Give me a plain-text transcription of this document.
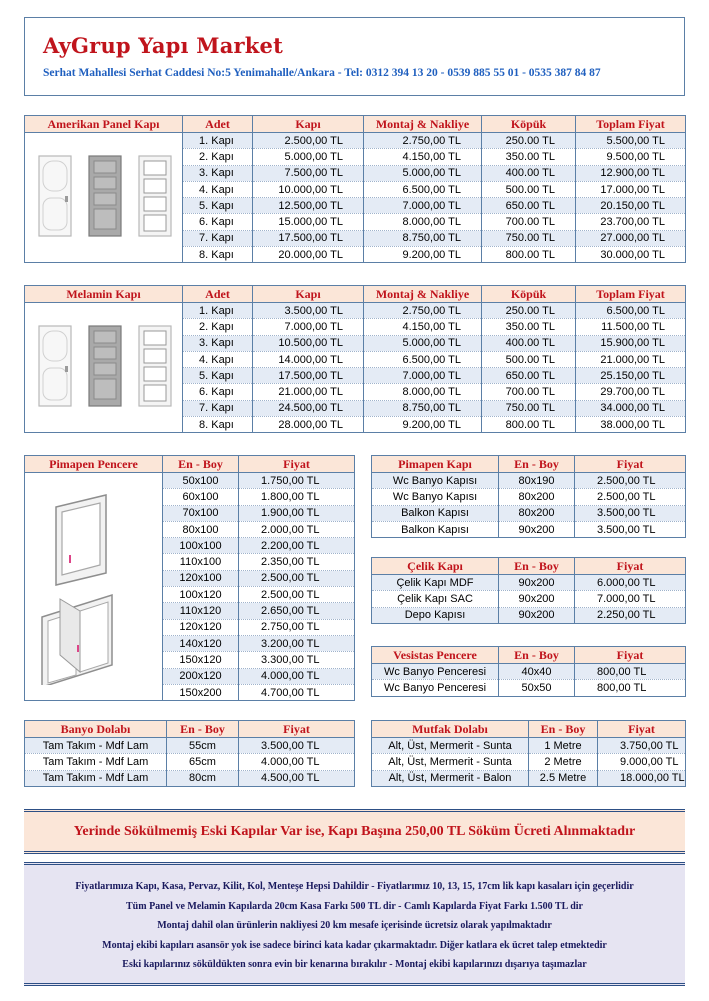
AyGrup Yapı Market
Serhat Mahallesi Serhat Caddesi No:5 Yenimahalle/Ankara - Tel: 0312 394 13 20 - 0539 885 55 01 - 0535 387 84 87
Amerikan Panel Kapı	Adet	Kapı	Montaj & Nakliye	Köpük	Toplam Fiyat
	1. Kapı	2.500,00 TL	2.750,00 TL	250.00 TL	5.500,00 TL
	2. Kapı	5.000,00 TL	4.150,00 TL	350.00 TL	9.500,00 TL
	3. Kapı	7.500,00 TL	5.000,00 TL	400.00 TL	12.900,00 TL
	4. Kapı	10.000,00 TL	6.500,00 TL	500.00 TL	17.000,00 TL
	5. Kapı	12.500,00 TL	7.000,00 TL	650.00 TL	20.150,00 TL
	6. Kapı	15.000,00 TL	8.000,00 TL	700.00 TL	23.700,00 TL
	7. Kapı	17.500,00 TL	8.750,00 TL	750.00 TL	27.000,00 TL
	8. Kapı	20.000,00 TL	9.200,00 TL	800.00 TL	30.000,00 TL
Melamin Kapı	Adet	Kapı	Montaj & Nakliye	Köpük	Toplam Fiyat
	1. Kapı	3.500,00 TL	2.750,00 TL	250.00 TL	6.500,00 TL
	2. Kapı	7.000,00 TL	4.150,00 TL	350.00 TL	11.500,00 TL
	3. Kapı	10.500,00 TL	5.000,00 TL	400.00 TL	15.900,00 TL
	4. Kapı	14.000,00 TL	6.500,00 TL	500.00 TL	21.000,00 TL
	5. Kapı	17.500,00 TL	7.000,00 TL	650.00 TL	25.150,00 TL
	6. Kapı	21.000,00 TL	8.000,00 TL	700.00 TL	29.700,00 TL
	7. Kapı	24.500,00 TL	8.750,00 TL	750.00 TL	34.000,00 TL
	8. Kapı	28.000,00 TL	9.200,00 TL	800.00 TL	38.000,00 TL
Pimapen Pencere	En - Boy	Fiyat
	50x100	1.750,00 TL
	60x100	1.800,00 TL
	70x100	1.900,00 TL
	80x100	2.000,00 TL
	100x100	2.200,00 TL
	110x100	2.350,00 TL
	120x100	2.500,00 TL
	100x120	2.500,00 TL
	110x120	2.650,00 TL
	120x120	2.750,00 TL
	140x120	3.200,00 TL
	150x120	3.300,00 TL
	200x120	4.000,00 TL
	150x200	4.700,00 TL
Pimapen Kapı	En - Boy	Fiyat
Wc Banyo Kapısı	80x190	2.500,00 TL
Wc Banyo Kapısı	80x200	2.500,00 TL
Balkon Kapısı	80x200	3.500,00 TL
Balkon Kapısı	90x200	3.500,00 TL
Çelik Kapı	En - Boy	Fiyat
Çelik Kapı MDF	90x200	6.000,00 TL
Çelik Kapı SAC	90x200	7.000,00 TL
Depo Kapısı	90x200	2.250,00 TL
Vesistas Pencere	En - Boy	Fiyat
Wc Banyo Penceresi	40x40	800,00 TL
Wc Banyo Penceresi	50x50	800,00 TL
Banyo Dolabı	En - Boy	Fiyat
Tam Takım - Mdf Lam	55cm	3.500,00 TL
Tam Takım - Mdf Lam	65cm	4.000,00 TL
Tam Takım - Mdf Lam	80cm	4.500,00 TL
Mutfak Dolabı	En - Boy	Fiyat
Alt, Üst, Mermerit - Sunta	1 Metre	3.750,00 TL
Alt, Üst, Mermerit - Sunta	2 Metre	9.000,00 TL
Alt, Üst, Mermerit - Balon	2.5 Metre	18.000,00 TL
Yerinde Sökülmemiş Eski Kapılar Var ise, Kapı Başına 250,00 TL Söküm Ücreti Alınmaktadır

Fiyatlarımıza Kapı, Kasa, Pervaz, Kilit, Kol, Menteşe Hepsi Dahildir - Fiyatlarımız 10, 13, 15, 17cm lik kapı kasaları için geçerlidir

Tüm Panel ve Melamin Kapılarda 20cm Kasa Farkı 500 TL dir - Camlı Kapılarda Fiyat Farkı 1.500 TL dir

Montaj dahil olan ürünlerin nakliyesi 20 km mesafe içerisinde ücretsiz olarak yapılmaktadır

Montaj ekibi kapıları asansör yok ise sadece birinci kata kadar çıkarmaktadır. Diğer katlara ek ücret talep etmektedir

Eski kapılarınız söküldükten sonra evin bir kenarına bırakılır - Montaj ekibi kapılarınızı dışarıya taşımazlar
